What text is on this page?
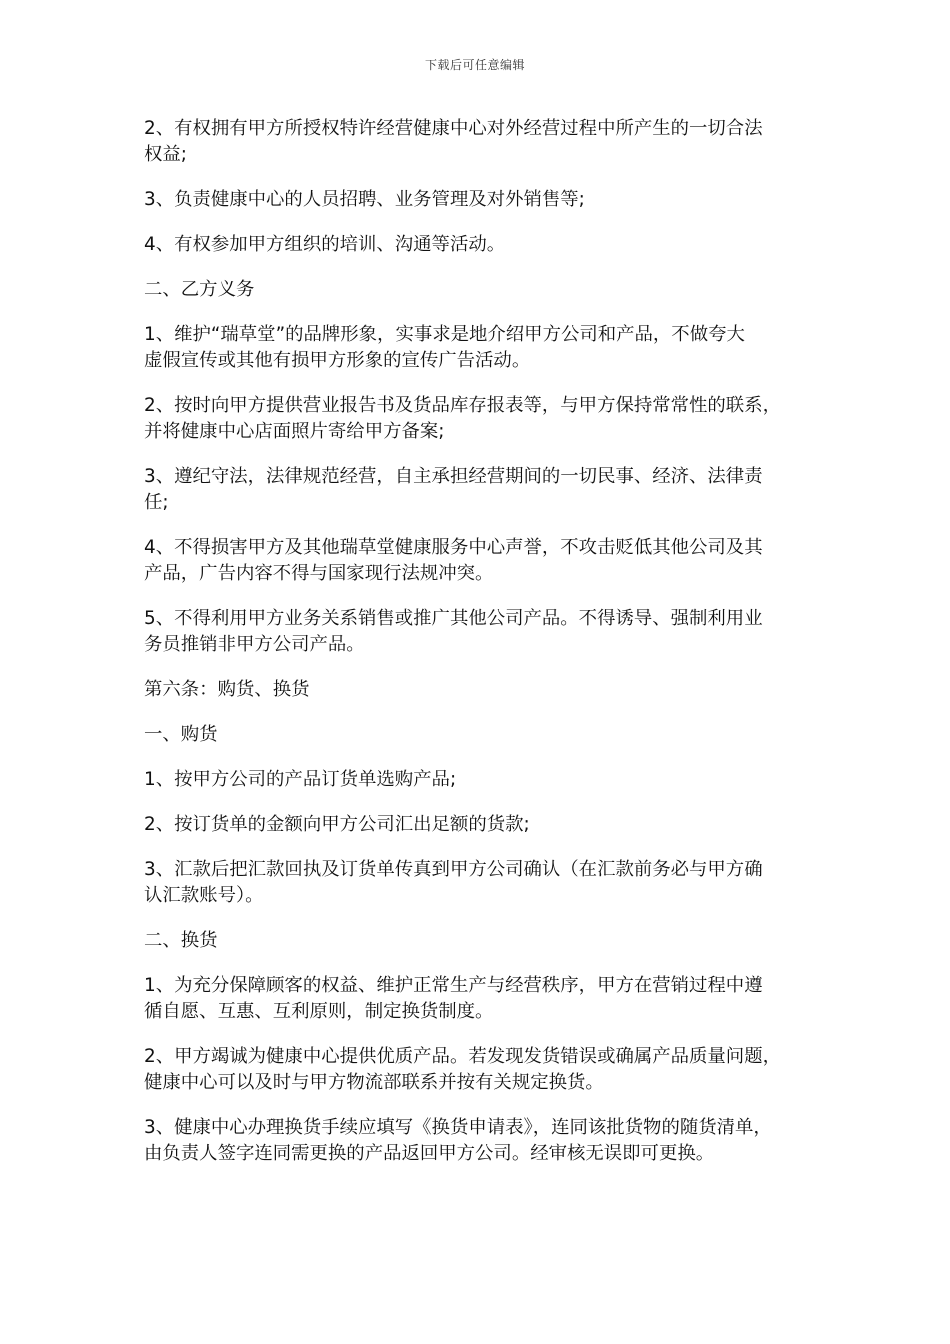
下载后可任意编辑

2、有权拥有甲方所授权特许经营健康中心对外经营过程中所产生的一切合法
权益;

3、负责健康中心的人员招聘、业务管理及对外销售等;

4、有权参加甲方组织的培训、沟通等活动。

二、乙方义务

1、维护“瑞草堂”的品牌形象，实事求是地介绍甲方公司和产品，不做夸大
虚假宣传或其他有损甲方形象的宣传广告活动。

2、按时向甲方提供营业报告书及货品库存报表等，与甲方保持常常性的联系，
并将健康中心店面照片寄给甲方备案;

3、遵纪守法，法律规范经营，自主承担经营期间的一切民事、经济、法律责
任;

4、不得损害甲方及其他瑞草堂健康服务中心声誉，不攻击贬低其他公司及其
产品，广告内容不得与国家现行法规冲突。

5、不得利用甲方业务关系销售或推广其他公司产品。不得诱导、强制利用业
务员推销非甲方公司产品。

第六条：购货、换货

一、购货

1、按甲方公司的产品订货单选购产品;

2、按订货单的金额向甲方公司汇出足额的货款;

3、汇款后把汇款回执及订货单传真到甲方公司确认（在汇款前务必与甲方确
认汇款账号）。

二、换货

1、为充分保障顾客的权益、维护正常生产与经营秩序，甲方在营销过程中遵
循自愿、互惠、互利原则，制定换货制度。

2、甲方竭诚为健康中心提供优质产品。若发现发货错误或确属产品质量问题，
健康中心可以及时与甲方物流部联系并按有关规定换货。

3、健康中心办理换货手续应填写《换货申请表》，连同该批货物的随货清单，
由负责人签字连同需更换的产品返回甲方公司。经审核无误即可更换。
